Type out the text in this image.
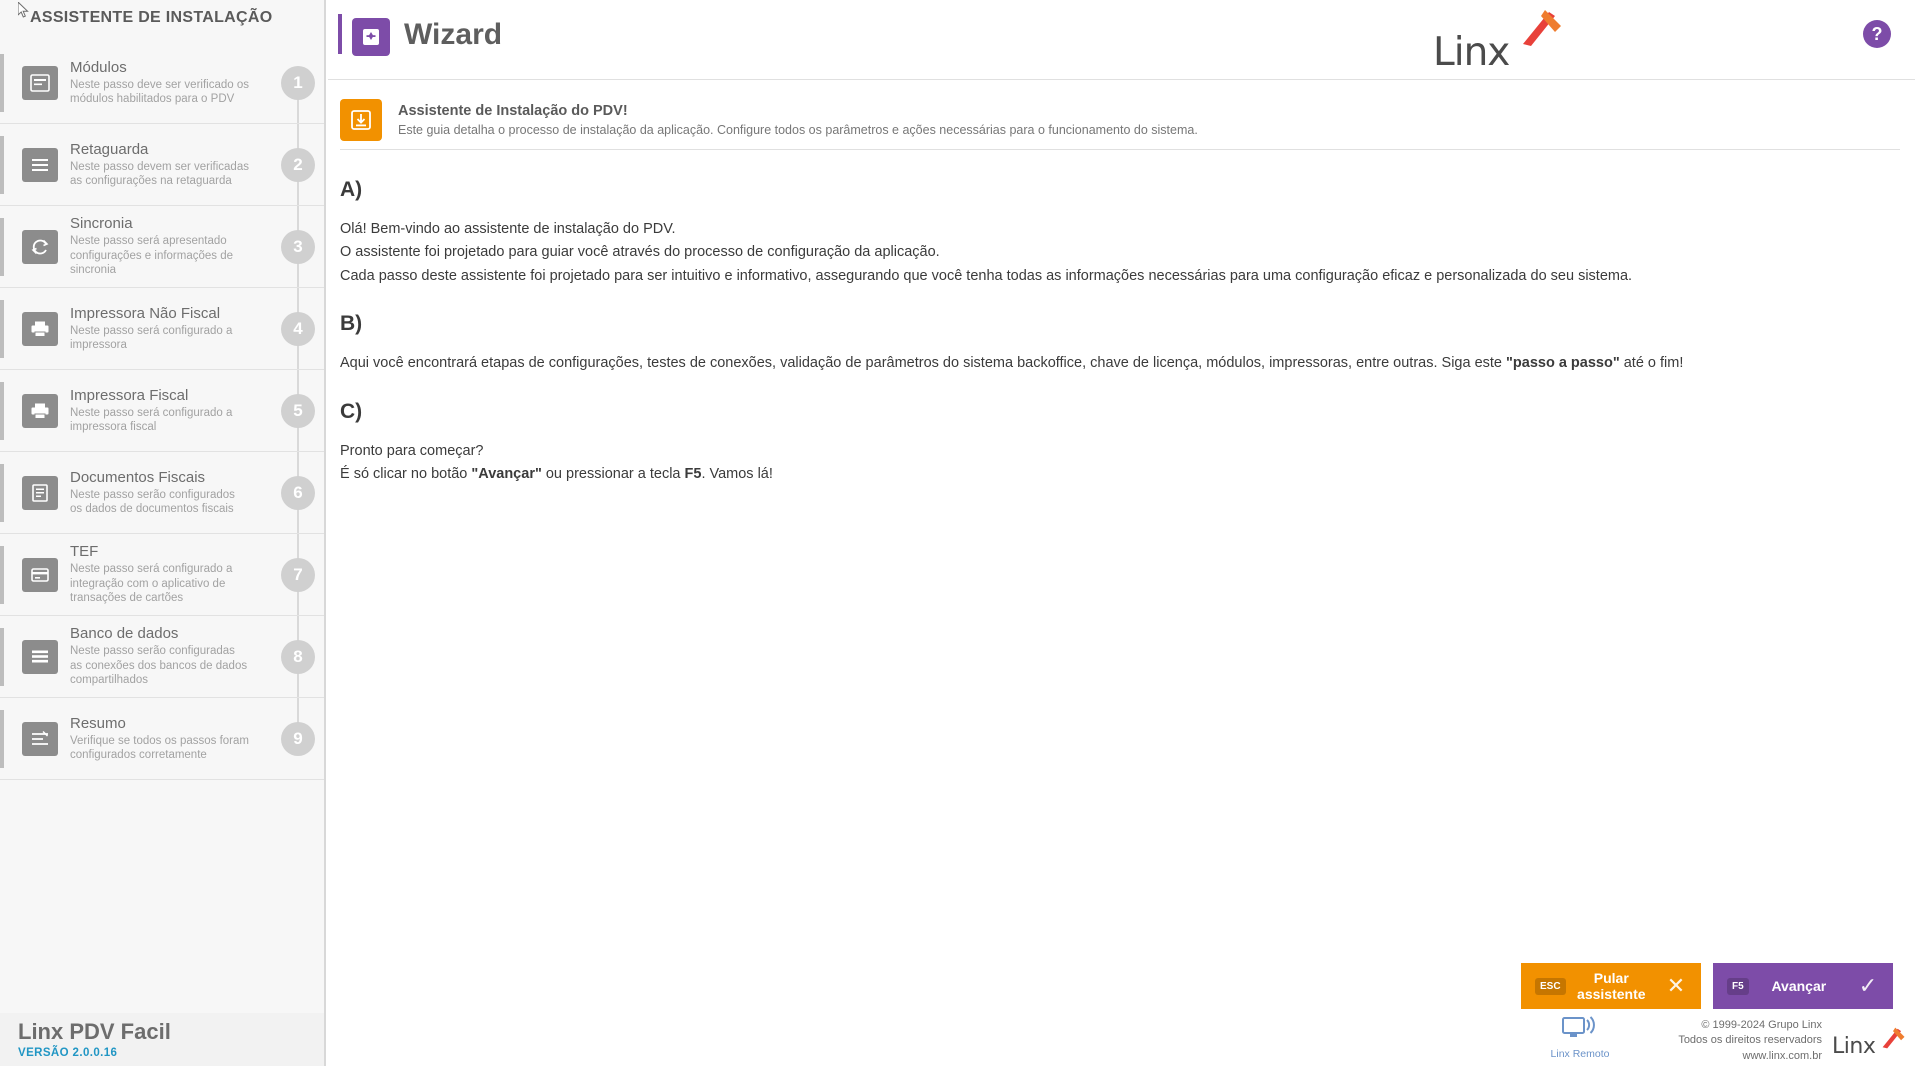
ASSISTENTE DE INSTALAÇÃO
Módulos
Neste passo deve ser verificado os módulos habilitados para o PDV
1
Retaguarda
Neste passo devem ser verificadas as configurações na retaguarda
2
Sincronia
Neste passo será apresentado configurações e informações de sincronia
3
Impressora Não Fiscal
Neste passo será configurado a impressora
4
Impressora Fiscal
Neste passo será configurado a impressora fiscal
5
Documentos Fiscais
Neste passo serão configurados os dados de documentos fiscais
6
TEF
Neste passo será configurado a integração com o aplicativo de transações de cartões
7
Banco de dados
Neste passo serão configuradas as conexões dos bancos de dados compartilhados
8
Resumo
Verifique se todos os passos foram configurados corretamente
9
Linx PDV Facil
VERSÃO 2.0.0.16
Wizard	Linx	?
Assistente de Instalação do PDV!
Este guia detalha o processo de instalação da aplicação. Configure todos os parâmetros e ações necessárias para o funcionamento do sistema.
A)
Olá! Bem-vindo ao assistente de instalação do PDV.
O assistente foi projetado para guiar você através do processo de configuração da aplicação.
Cada passo deste assistente foi projetado para ser intuitivo e informativo, assegurando que você tenha todas as informações necessárias para uma configuração eficaz e personalizada do seu sistema.
B)
Aqui você encontrará etapas de configurações, testes de conexões, validação de parâmetros do sistema backoffice, chave de licença, módulos, impressoras, entre outras. Siga este "passo a passo" até o fim!
C)
Pronto para começar?
É só clicar no botão "Avançar" ou pressionar a tecla F5. Vamos lá!
ESC
Pular assistente ✕	F5	Avançar	✓
Linx Remoto
© 1999-2024 Grupo Linx
Todos os direitos reservadors
www.linx.com.br Linx
